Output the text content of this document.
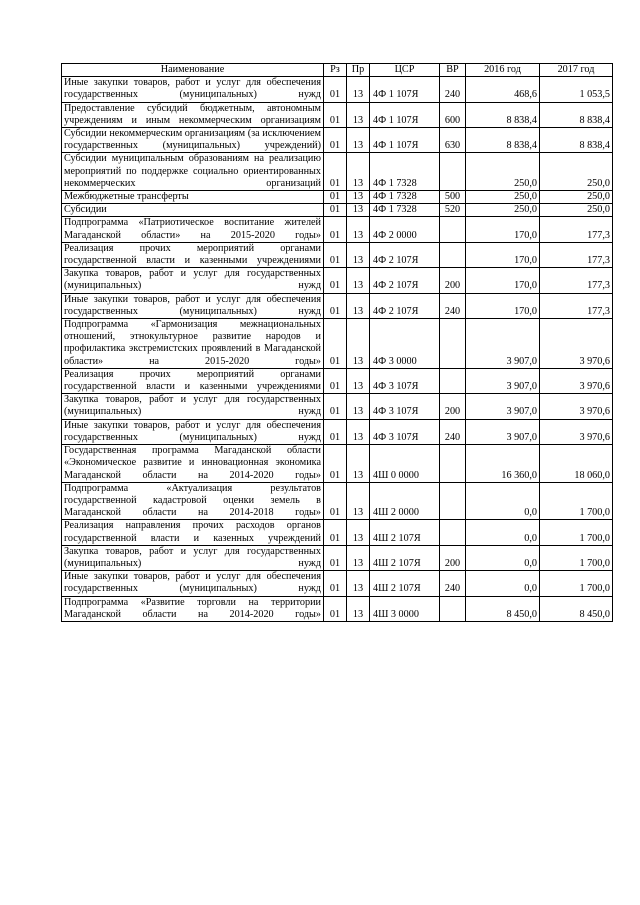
Наименование	Рз	Пр	ЦСР	ВР	2016 год	2017 год
Иные закупки товаров, работ и услуг для обеспечения государственных (муниципальных) нужд	01	13	4Ф 1 107Я	240	468,6	1 053,5
Предоставление субсидий бюджетным, автономным учреждениям и иным некоммерческим организациям	01	13	4Ф 1 107Я	600	8 838,4	8 838,4
Субсидии некоммерческим организациям (за исключением государственных (муниципальных) учреждений)	01	13	4Ф 1 107Я	630	8 838,4	8 838,4
Субсидии муниципальным образованиям на реализацию мероприятий по поддержке социально ориентированных некоммерческих организаций	01	13	4Ф 1 7328		250,0	250,0
Межбюджетные трансферты	01	13	4Ф 1 7328	500	250,0	250,0
Субсидии	01	13	4Ф 1 7328	520	250,0	250,0
Подпрограмма «Патриотическое воспитание жителей Магаданской области» на 2015-2020 годы»	01	13	4Ф 2 0000		170,0	177,3
Реализация прочих мероприятий органами государственной власти и казенными учреждениями	01	13	4Ф 2 107Я		170,0	177,3
Закупка товаров, работ и услуг для государственных (муниципальных) нужд	01	13	4Ф 2 107Я	200	170,0	177,3
Иные закупки товаров, работ и услуг для обеспечения государственных (муниципальных) нужд	01	13	4Ф 2 107Я	240	170,0	177,3
Подпрограмма «Гармонизация межнациональных отношений, этнокультурное развитие народов и профилактика экстремистских проявлений в Магаданской области» на 2015-2020 годы»	01	13	4Ф 3 0000		3 907,0	3 970,6
Реализация прочих мероприятий органами государственной власти и казенными учреждениями	01	13	4Ф 3 107Я		3 907,0	3 970,6
Закупка товаров, работ и услуг для государственных (муниципальных) нужд	01	13	4Ф 3 107Я	200	3 907,0	3 970,6
Иные закупки товаров, работ и услуг для обеспечения государственных (муниципальных) нужд	01	13	4Ф 3 107Я	240	3 907,0	3 970,6
Государственная программа Магаданской области «Экономическое развитие и инновационная экономика Магаданской области на 2014-2020 годы»	01	13	4Ш 0 0000		16 360,0	18 060,0
Подпрограмма «Актуализация результатов государственной кадастровой оценки земель в Магаданской области на 2014-2018 годы»	01	13	4Ш 2 0000		0,0	1 700,0
Реализация направления прочих расходов органов государственной власти и казенных учреждений	01	13	4Ш 2 107Я		0,0	1 700,0
Закупка товаров, работ и услуг для государственных (муниципальных) нужд	01	13	4Ш 2 107Я	200	0,0	1 700,0
Иные закупки товаров, работ и услуг для обеспечения государственных (муниципальных) нужд	01	13	4Ш 2 107Я	240	0,0	1 700,0
Подпрограмма «Развитие торговли на территории Магаданской области на 2014-2020 годы»	01	13	4Ш 3 0000		8 450,0	8 450,0
